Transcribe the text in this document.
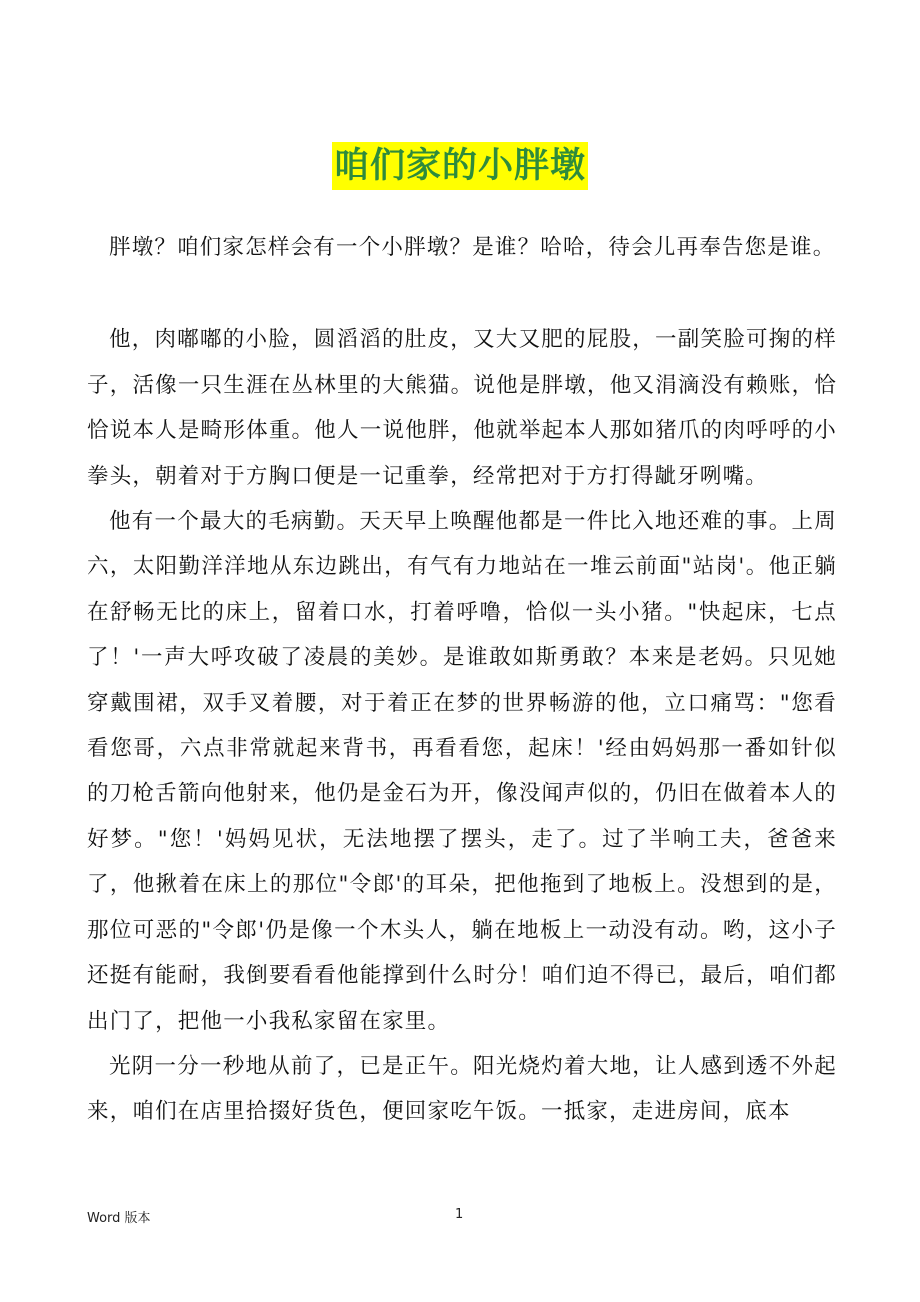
咱们家的小胖墩

胖墩？咱们家怎样会有一个小胖墩？是谁？哈哈，待会儿再奉告您是谁。

他，肉嘟嘟的小脸，圆滔滔的肚皮，又大又肥的屁股，一副笑脸可掬的样子，活像一只生涯在丛林里的大熊猫。说他是胖墩，他又涓滴没有赖账，恰恰说本人是畸形体重。他人一说他胖，他就举起本人那如猪爪的肉呼呼的小拳头，朝着对于方胸口便是一记重拳，经常把对于方打得龇牙咧嘴。

他有一个最大的毛病勤。天天早上唤醒他都是一件比入地还难的事。上周六，太阳勤洋洋地从东边跳出，有气有力地站在一堆云前面"站岗'。他正躺在舒畅无比的床上，留着口水，打着呼噜，恰似一头小猪。"快起床，七点了！'一声大呼攻破了凌晨的美妙。是谁敢如斯勇敢？本来是老妈。只见她穿戴围裙，双手叉着腰，对于着正在梦的世界畅游的他，立口痛骂："您看看您哥，六点非常就起来背书，再看看您，起床！'经由妈妈那一番如针似的刀枪舌箭向他射来，他仍是金石为开，像没闻声似的，仍旧在做着本人的好梦。"您！'妈妈见状，无法地摆了摆头，走了。过了半响工夫，爸爸来了，他揪着在床上的那位"令郎'的耳朵，把他拖到了地板上。没想到的是，那位可恶的"令郎'仍是像一个木头人，躺在地板上一动没有动。哟，这小子还挺有能耐，我倒要看看他能撑到什么时分！咱们迫不得已，最后，咱们都出门了，把他一小我私家留在家里。

光阴一分一秒地从前了，已是正午。阳光烧灼着大地，让人感到透不外起来，咱们在店里拾掇好货色，便回家吃午饭。一抵家，走进房间，底本

Word 版本	1
